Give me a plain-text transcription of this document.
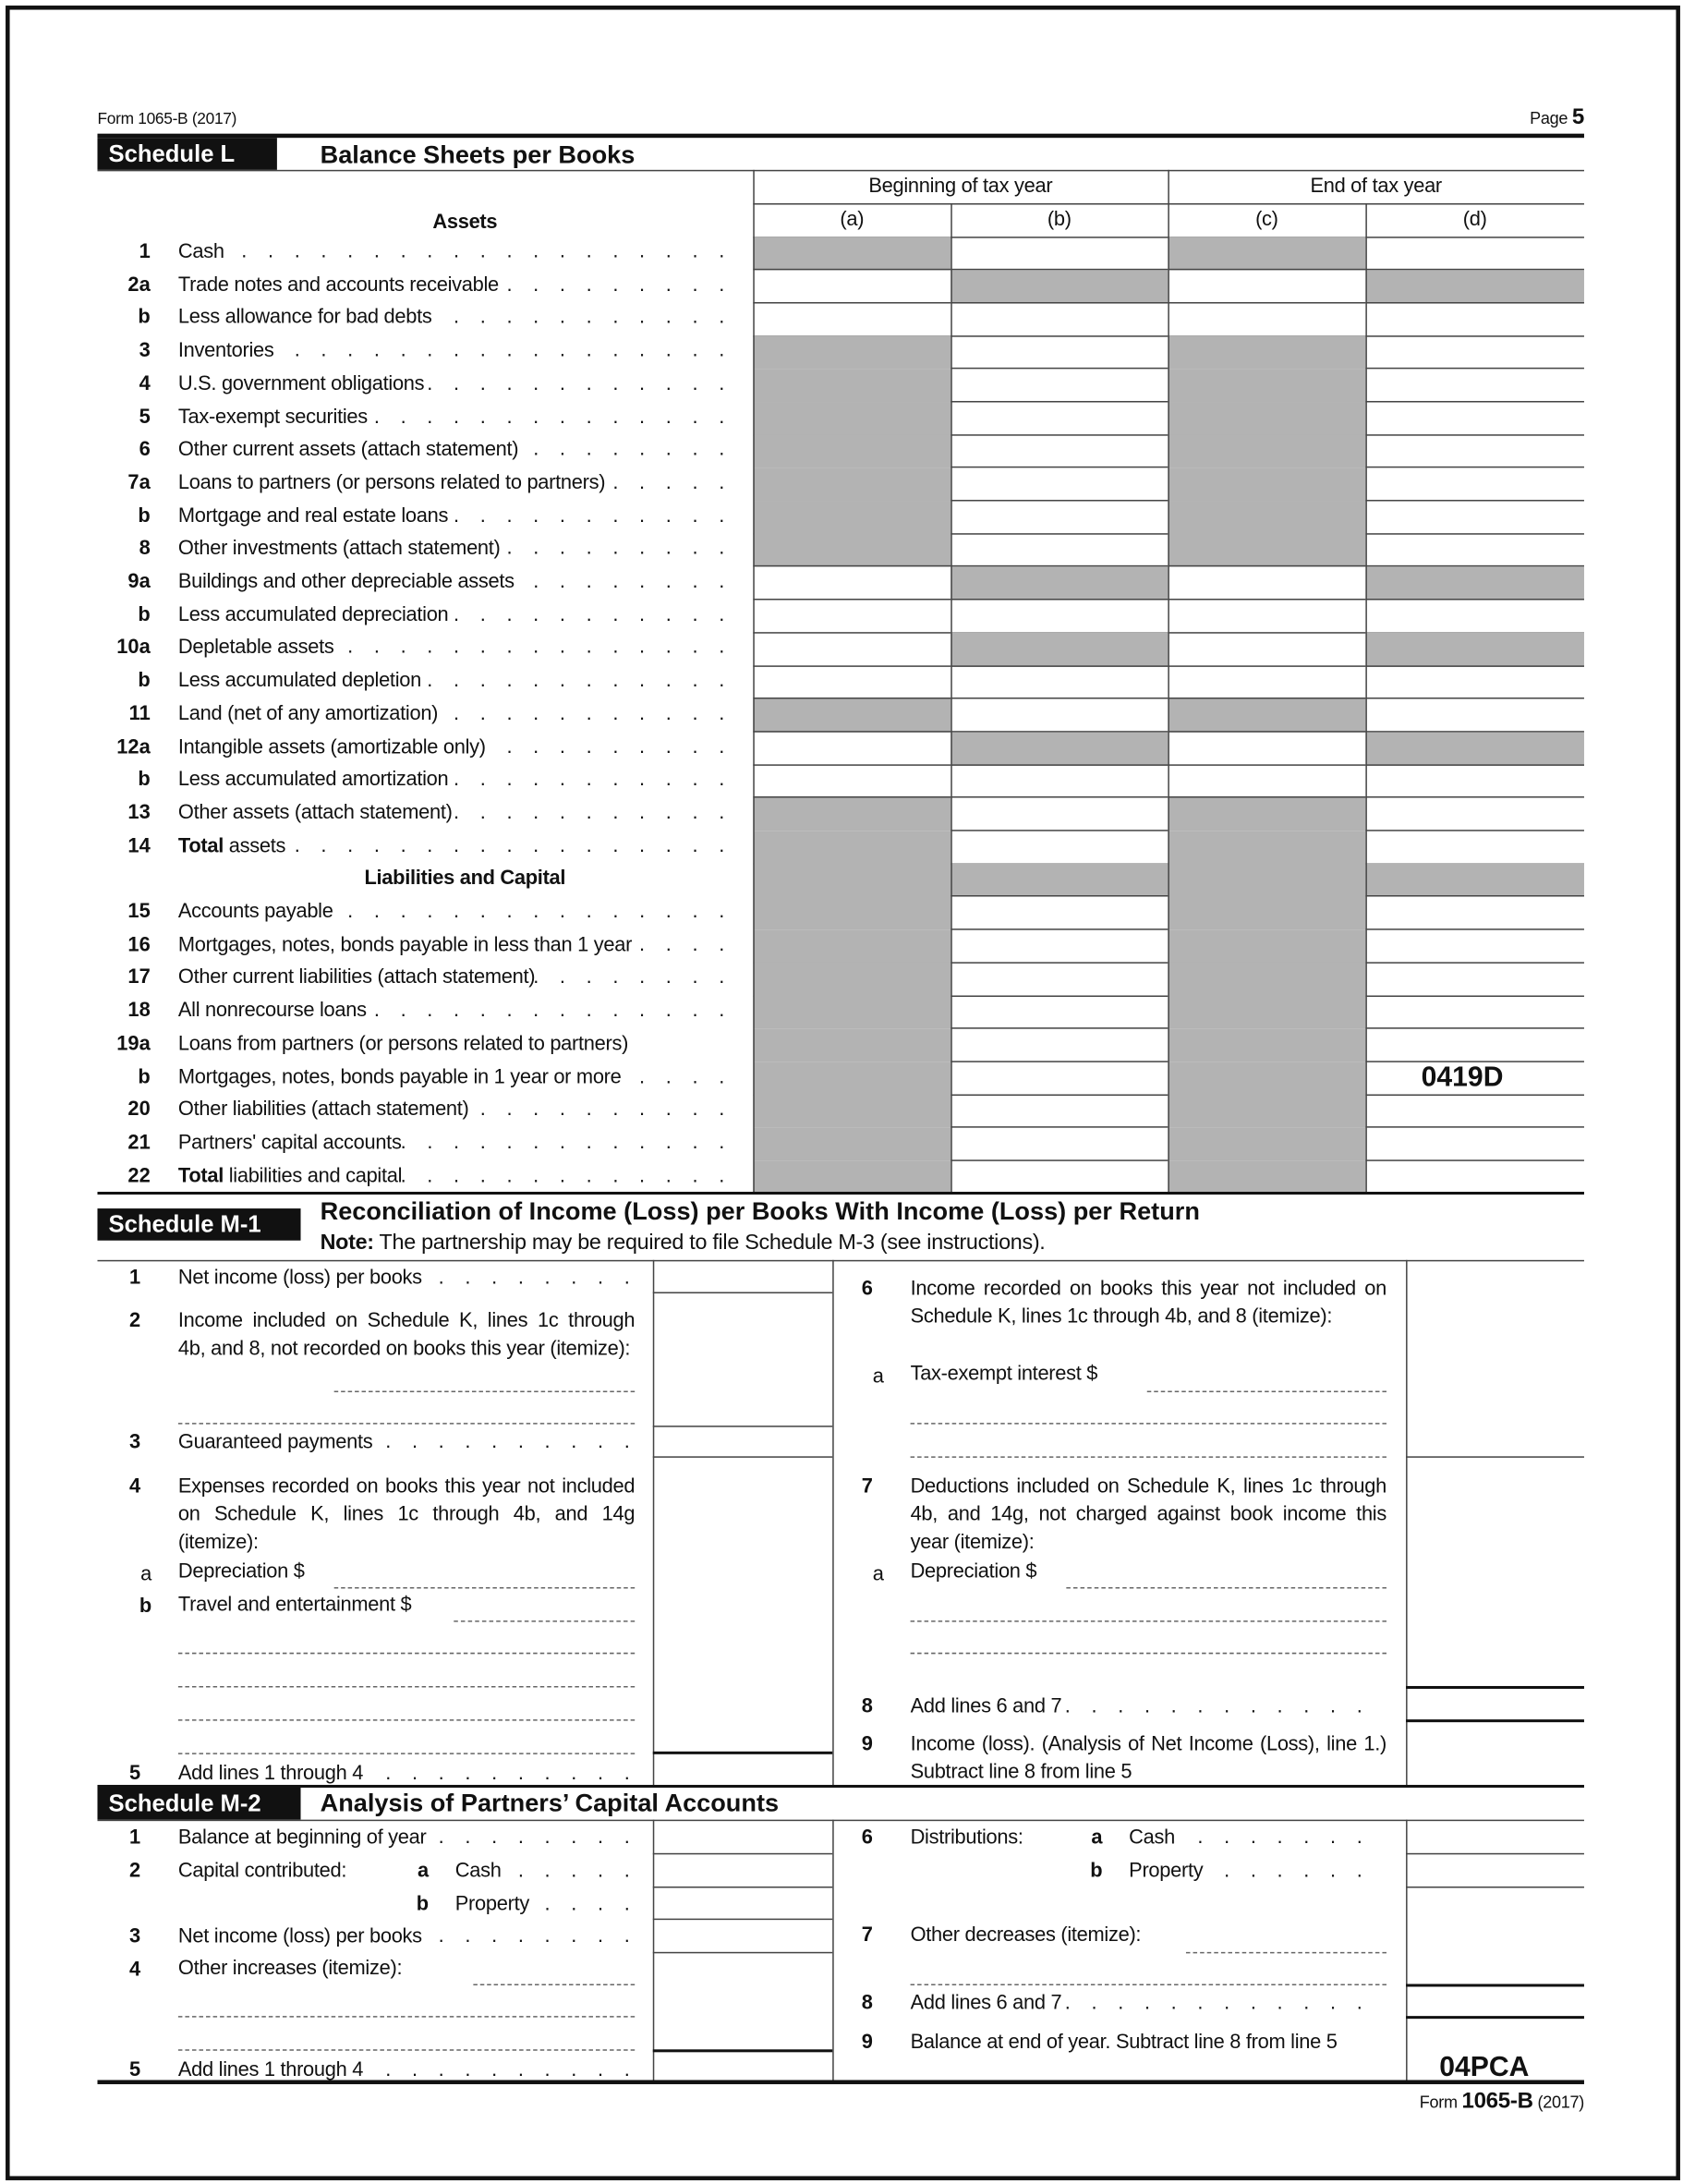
Form 1065-B (2017)	Page 5
Schedule L	Balance Sheets per Books
Beginning of tax year	End of tax year
(a)	(b)	(c)	(d)
Assets
1 Cash
. . .
2a Trade notes and accounts receivable
. . .
b Less allowance for bad debts
. . .
3 Inventories
. . .
4 U.S. government obligations
. . .
5 Tax-exempt securities
. . .
6 Other current assets (attach statement)
. . .
7a Loans to partners (or persons related to partners)
. . .
b Mortgage and real estate loans
. . .
8 Other investments (attach statement)
. . .
9a Buildings and other depreciable assets
. . .
b Less accumulated depreciation
. . .
10a Depletable assets
. . .
b Less accumulated depletion
. . .
11 Land (net of any amortization)
. . .
12a Intangible assets (amortizable only)
. . .
b Less accumulated amortization
. . .
13 Other assets (attach statement)
. . .
14 Total assets
. . .
Liabilities and Capital
15 Accounts payable
. . .
16 Mortgages, notes, bonds payable in less than 1 year
. . .
17 Other current liabilities (attach statement)
. . .
18 All nonrecourse loans
. . .
19a Loans from partners (or persons related to partners)
b Mortgages, notes, bonds payable in 1 year or more
. . .
20 Other liabilities (attach statement)
. . .
21 Partners' capital accounts
. . .
22 Total liabilities and capital
. . .
0419D
Schedule M-1	Reconciliation of Income (Loss) per Books With Income (Loss) per Return
Note: The partnership may be required to file Schedule M-3 (see instructions).
1	Net income (loss) per books . . .
2	Income included on Schedule K, lines 1c through 4b, and 8, not recorded on books this year (itemize):
3	Guaranteed payments . . .
4	Expenses recorded on books this year not included on Schedule K, lines 1c through 4b, and 14g (itemize):
a Depreciation $
b Travel and entertainment $
5	Add lines 1 through 4 . . .
6	Income recorded on books this year not included on Schedule K, lines 1c through 4b, and 8 (itemize):
a Tax-exempt interest $
7	Deductions included on Schedule K, lines 1c through 4b, and 14g, not charged against book income this year (itemize):
a Depreciation $
8	Add lines 6 and 7 . . .
9	Income (loss). (Analysis of Net Income (Loss), line 1.) Subtract line 8 from line 5
Schedule M-2	Analysis of Partners’ Capital Accounts
1	Balance at beginning of year . . .
2	Capital contributed:	a Cash . . .
b Property . . .
3	Net income (loss) per books . . .
4	Other increases (itemize):
5	Add lines 1 through 4 . . .
6	Distributions:	a Cash . . .
b Property . . .
7	Other decreases (itemize):
8	Add lines 6 and 7 . . .
9	Balance at end of year. Subtract line 8 from line 5
04PCA
Form 1065-B (2017)
